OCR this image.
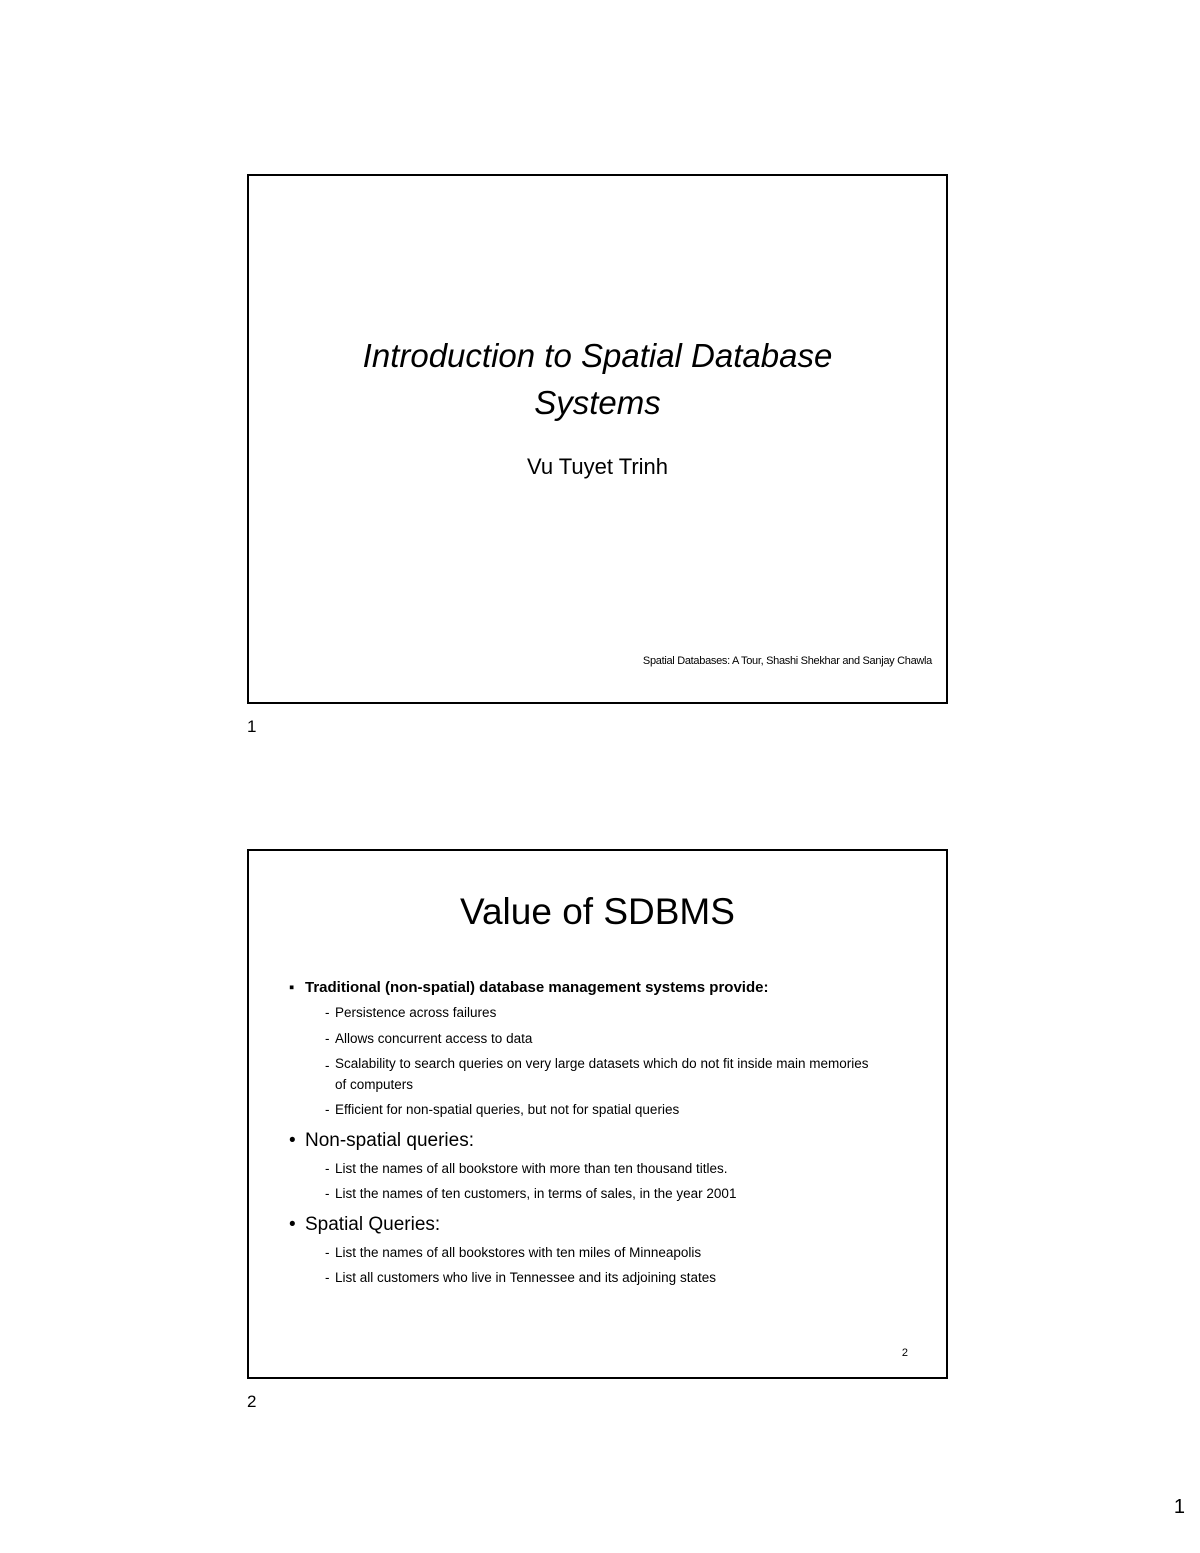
Introduction to Spatial Database
Systems
Vu Tuyet Trinh
Spatial Databases: A Tour, Shashi Shekhar and Sanjay Chawla
1
Value of SDBMS
▪ Traditional (non-spatial) database management systems provide:
- Persistence across failures
- Allows concurrent access to data
- Scalability to search queries on very large datasets which do not fit inside main memories of computers
- Efficient for non-spatial queries, but not for spatial queries
• Non-spatial queries:
- List the names of all bookstore with more than ten thousand titles.
- List the names of ten customers, in terms of sales, in the year 2001
• Spatial Queries:
- List the names of all bookstores with ten miles of Minneapolis
- List all customers who live in Tennessee and its adjoining states
2
2
1
